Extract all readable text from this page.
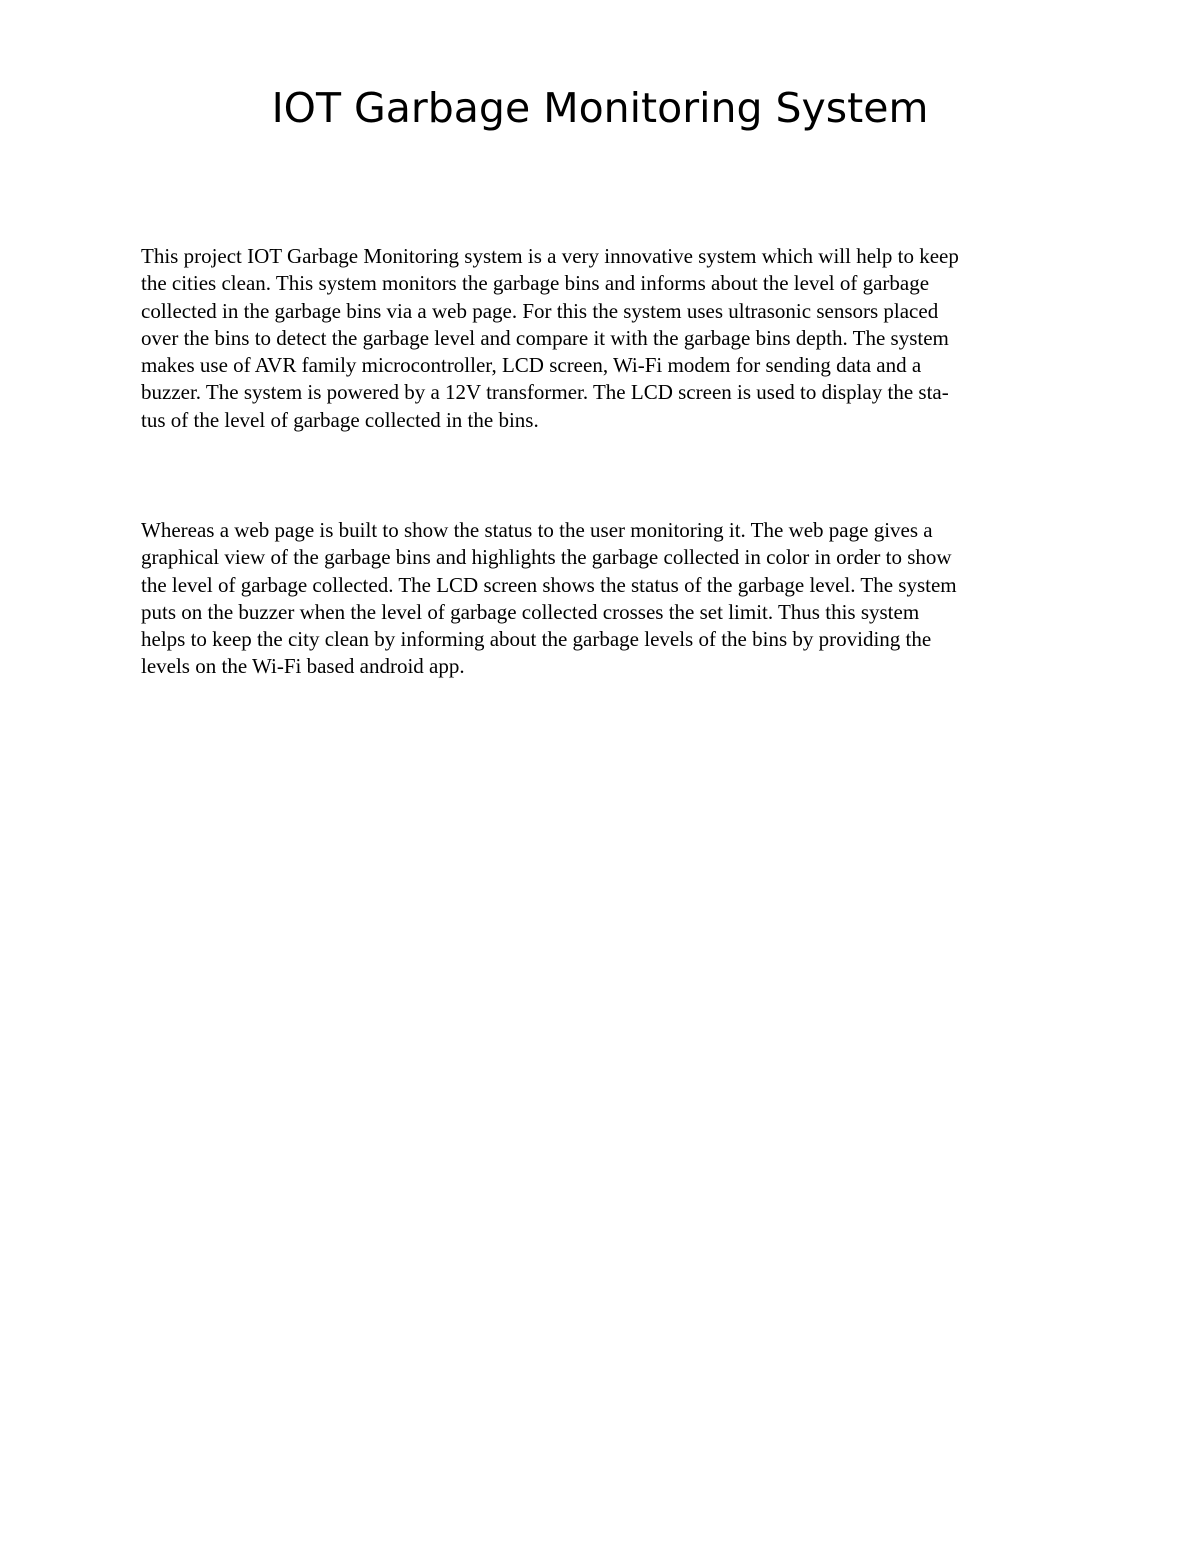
IOT Garbage Monitoring System

This project IOT Garbage Monitoring system is a very innovative system which will help to keep
the cities clean. This system monitors the garbage bins and informs about the level of garbage
collected in the garbage bins via a web page. For this the system uses ultrasonic sensors placed
over the bins to detect the garbage level and compare it with the garbage bins depth. The system
makes use of AVR family microcontroller, LCD screen, Wi-Fi modem for sending data and a
buzzer. The system is powered by a 12V transformer. The LCD screen is used to display the sta-
tus of the level of garbage collected in the bins.

Whereas a web page is built to show the status to the user monitoring it. The web page gives a
graphical view of the garbage bins and highlights the garbage collected in color in order to show
the level of garbage collected. The LCD screen shows the status of the garbage level. The system
puts on the buzzer when the level of garbage collected crosses the set limit. Thus this system
helps to keep the city clean by informing about the garbage levels of the bins by providing the
levels on the Wi-Fi based android app.
